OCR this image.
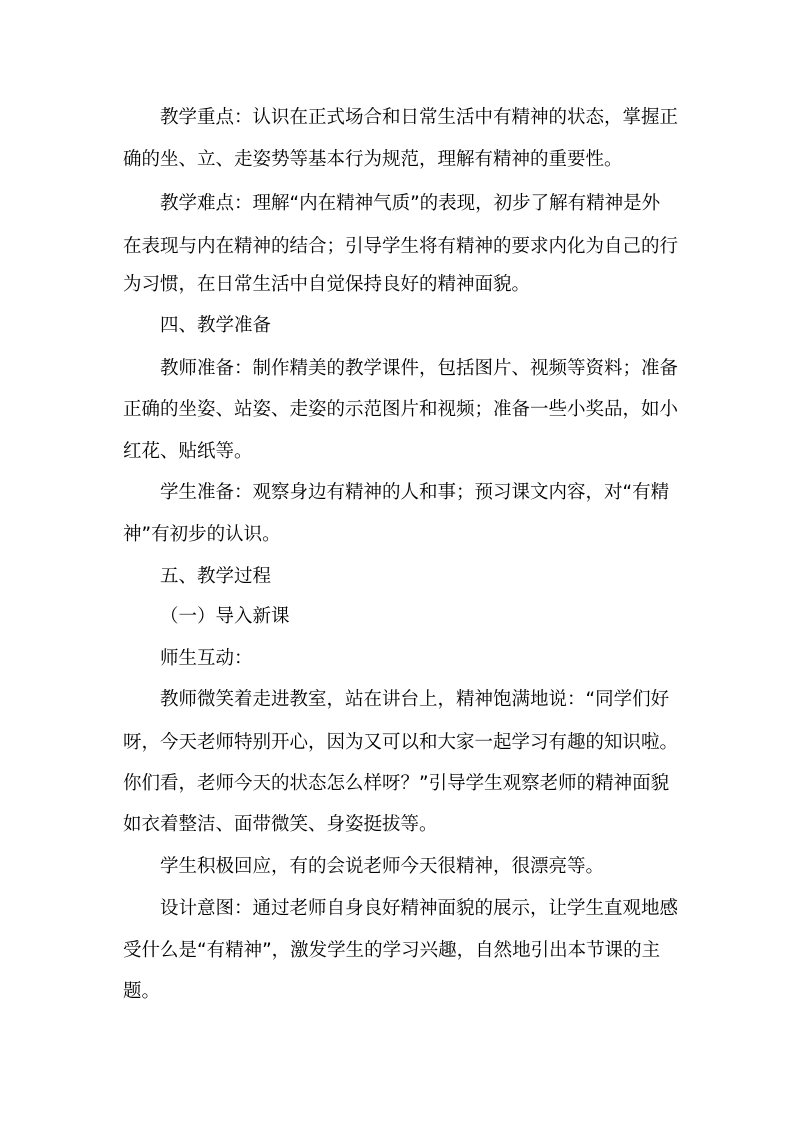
教学重点：认识在正式场合和日常生活中有精神的状态，掌握正
确的坐、立、走姿势等基本行为规范，理解有精神的重要性。
教学难点：理解“内在精神气质”的表现，初步了解有精神是外
在表现与内在精神的结合；引导学生将有精神的要求内化为自己的行
为习惯，在日常生活中自觉保持良好的精神面貌。
四、教学准备
教师准备：制作精美的教学课件，包括图片、视频等资料；准备
正确的坐姿、站姿、走姿的示范图片和视频；准备一些小奖品，如小
红花、贴纸等。
学生准备：观察身边有精神的人和事；预习课文内容，对“有精
神”有初步的认识。
五、教学过程
（一）导入新课
师生互动：
教师微笑着走进教室，站在讲台上，精神饱满地说：“同学们好
呀，今天老师特别开心，因为又可以和大家一起学习有趣的知识啦。
你们看，老师今天的状态怎么样呀？”引导学生观察老师的精神面貌
如衣着整洁、面带微笑、身姿挺拔等。
学生积极回应，有的会说老师今天很精神，很漂亮等。
设计意图：通过老师自身良好精神面貌的展示，让学生直观地感
受什么是“有精神”，激发学生的学习兴趣，自然地引出本节课的主
题。
